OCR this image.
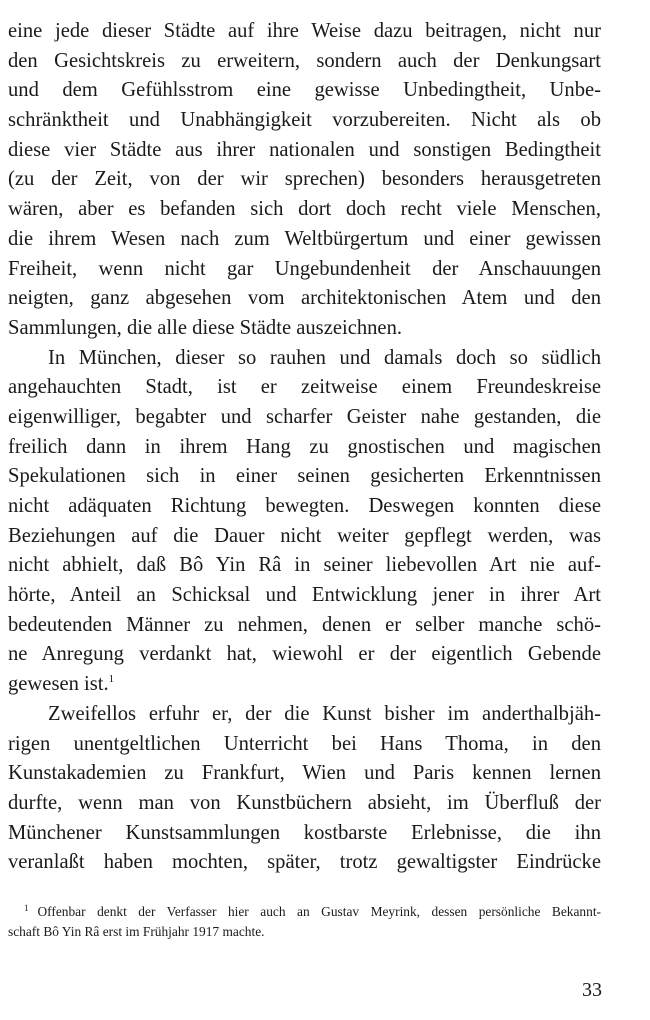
eine jede dieser Städte auf ihre Weise dazu beitragen, nicht nur
den Gesichtskreis zu erweitern, sondern auch der Denkungsart
und dem Gefühlsstrom eine gewisse Unbedingtheit, Unbe-
schränktheit und Unabhängigkeit vorzubereiten. Nicht als ob
diese vier Städte aus ihrer nationalen und sonstigen Bedingtheit
(zu der Zeit, von der wir sprechen) besonders herausgetreten
wären, aber es befanden sich dort doch recht viele Menschen,
die ihrem Wesen nach zum Weltbürgertum und einer gewissen
Freiheit, wenn nicht gar Ungebundenheit der Anschauungen
neigten, ganz abgesehen vom architektonischen Atem und den
Sammlungen, die alle diese Städte auszeichnen.
In München, dieser so rauhen und damals doch so südlich
angehauchten Stadt, ist er zeitweise einem Freundeskreise
eigenwilliger, begabter und scharfer Geister nahe gestanden, die
freilich dann in ihrem Hang zu gnostischen und magischen
Spekulationen sich in einer seinen gesicherten Erkenntnissen
nicht adäquaten Richtung bewegten. Deswegen konnten diese
Beziehungen auf die Dauer nicht weiter gepflegt werden, was
nicht abhielt, daß Bô Yin Râ in seiner liebevollen Art nie auf-
hörte, Anteil an Schicksal und Entwicklung jener in ihrer Art
bedeutenden Männer zu nehmen, denen er selber manche schö-
ne Anregung verdankt hat, wiewohl er der eigentlich Gebende
gewesen ist.$^1$
Zweifellos erfuhr er, der die Kunst bisher im anderthalbjäh-
rigen unentgeltlichen Unterricht bei Hans Thoma, in den
Kunstakademien zu Frankfurt, Wien und Paris kennen lernen
durfte, wenn man von Kunstbüchern absieht, im Überfluß der
Münchener Kunstsammlungen kostbarste Erlebnisse, die ihn
veranlaßt haben mochten, später, trotz gewaltigster Eindrücke
$^1$ Offenbar denkt der Verfasser hier auch an Gustav Meyrink, dessen persönliche Bekannt-
schaft Bô Yin Râ erst im Frühjahr 1917 machte.
33
